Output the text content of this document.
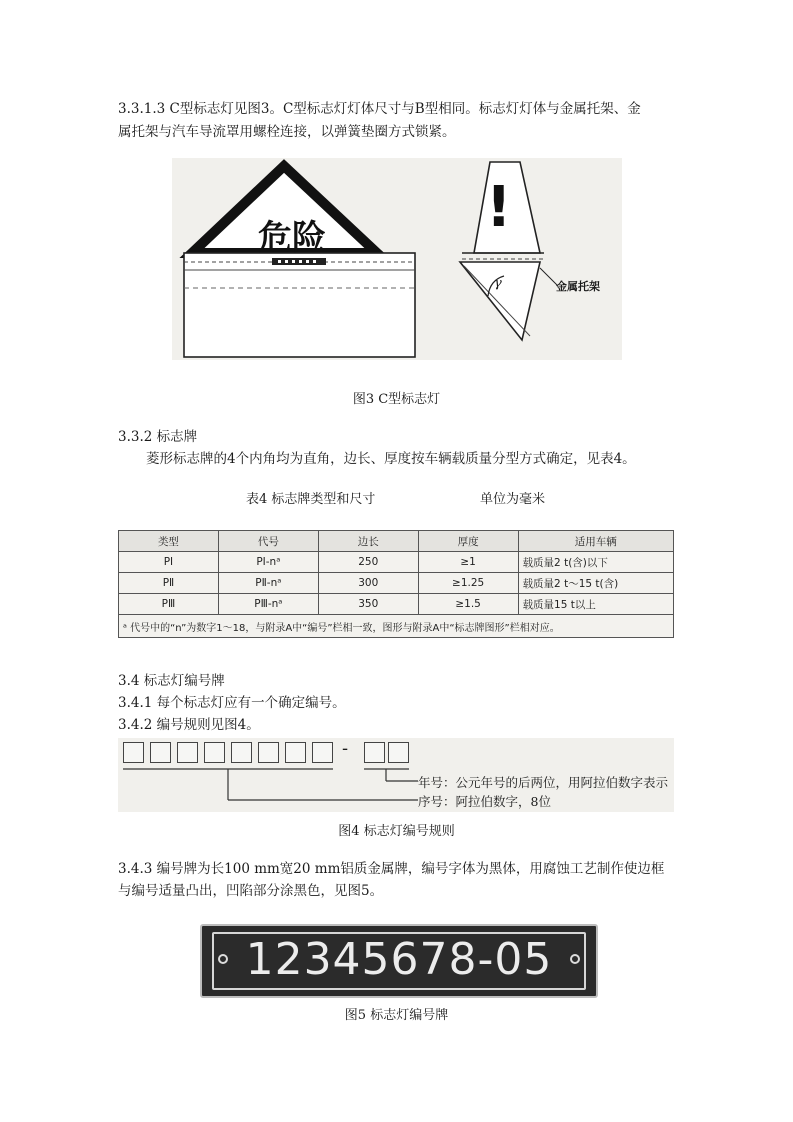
3.3.1.3 C型标志灯见图3。C型标志灯灯体尺寸与B型相同。标志灯灯体与金属托架、金
属托架与汽车导流罩用螺栓连接，以弹簧垫圈方式锁紧。
危险	!
γ	金属托架
图3 C型标志灯
3.3.2 标志牌
菱形标志牌的4个内角均为直角，边长、厚度按车辆载质量分型方式确定，见表4。
表4 标志牌类型和尺寸	单位为毫米
类型	代号	边长	厚度	适用车辆
PⅠ	PⅠ-nᵃ	250	≥1	载质量2 t(含)以下
PⅡ	PⅡ-nᵃ	300	≥1.25	载质量2 t～15 t(含)
PⅢ	PⅢ-nᵃ	350	≥1.5	载质量15 t以上
ᵃ 代号中的“n”为数字1～18，与附录A中“编号”栏相一致，图形与附录A中“标志牌图形”栏相对应。				
3.4 标志灯编号牌
3.4.1 每个标志灯应有一个确定编号。
3.4.2 编号规则见图4。
-
年号：公元年号的后两位，用阿拉伯数字表示
序号：阿拉伯数字，8位
图4 标志灯编号规则
3.4.3 编号牌为长100 mm宽20 mm铝质金属牌，编号字体为黑体，用腐蚀工艺制作使边框
与编号适量凸出，凹陷部分涂黑色，见图5。
12345678-05
图5 标志灯编号牌
